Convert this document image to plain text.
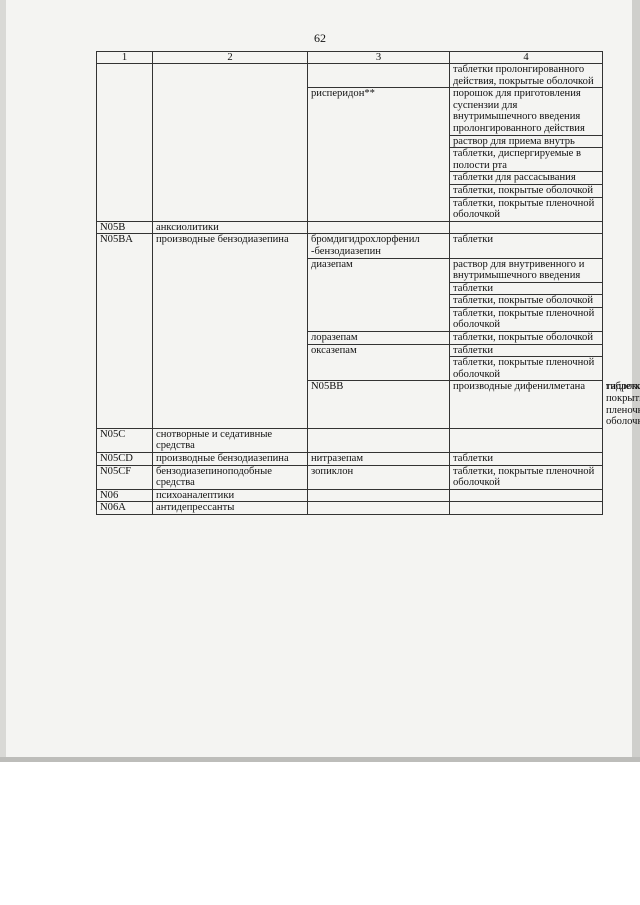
62
1	2	3	4	
			таблетки пролонгированного действия, покрытые оболочкой	
		рисперидон**	порошок для приготовления суспензии для внутримышечного введения пролонгированного действия	
			раствор для приема внутрь	
			таблетки, диспергируемые в полости рта	
			таблетки для рассасывания	
			таблетки, покрытые оболочкой	
			таблетки, покрытые пленочной оболочкой	
N05B	анксиолитики			
N05BA	производные бензодиазепина	бромдигидрохлорфенил -бензодиазепин	таблетки	
		диазепам	раствор для внутривенного и внутримышечного введения	
			таблетки	
			таблетки, покрытые оболочкой	
			таблетки, покрытые пленочной оболочкой	
		лоразепам	таблетки, покрытые оболочкой	
		оксазепам	таблетки	
			таблетки, покрытые пленочной оболочкой	
		N05BB	производные дифенилметана		
N05C	снотворные и седативные средства			
N05CD	производные бензодиазепина	нитразепам	таблетки	
N05CF	бензодиазепиноподобные средства	зопиклон	таблетки, покрытые пленочной оболочкой	
N06	психоаналептики			
N06A	антидепрессанты			
